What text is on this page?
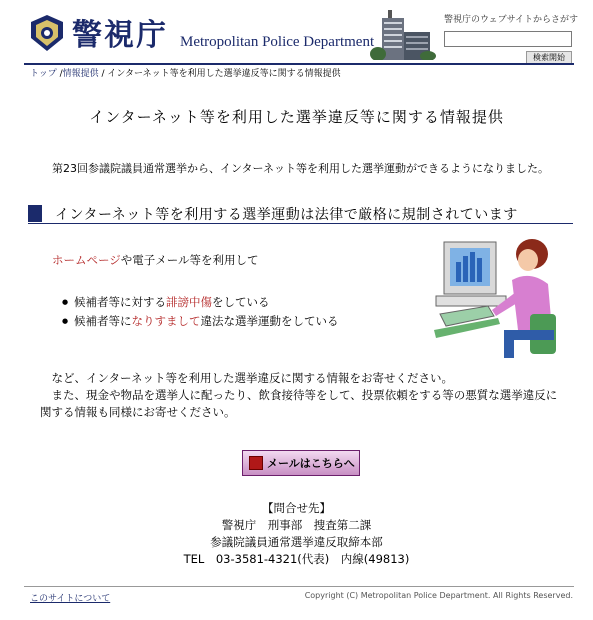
警視庁 Metropolitan Police Department
警視庁のウェブサイトからさがす
検索開始
トップ /情報提供 / インターネット等を利用した選挙違反等に関する情報提供
インターネット等を利用した選挙違反等に関する情報提供
第23回参議院議員通常選挙から、インターネット等を利用した選挙運動ができるようになりました。
インターネット等を利用する選挙運動は法律で厳格に規制されています
ホームページや電子メール等を利用して
● 候補者等に対する誹謗中傷をしている
● 候補者等になりすまして違法な選挙運動をしている

など、インターネット等を利用した選挙違反に関する情報をお寄せください。

また、現金や物品を選挙人に配ったり、飲食接待等をして、投票依頼をする等の悪質な選挙違反に

関する情報も同様にお寄せください。

メールはこちらへ
【問合せ先】
警視庁　刑事部　捜査第二課
参議院議員通常選挙違反取締本部
TEL　03-3581-4321(代表)　内線(49813)
このサイトについて	Copyright (C) Metropolitan Police Department. All Rights Reserved.
